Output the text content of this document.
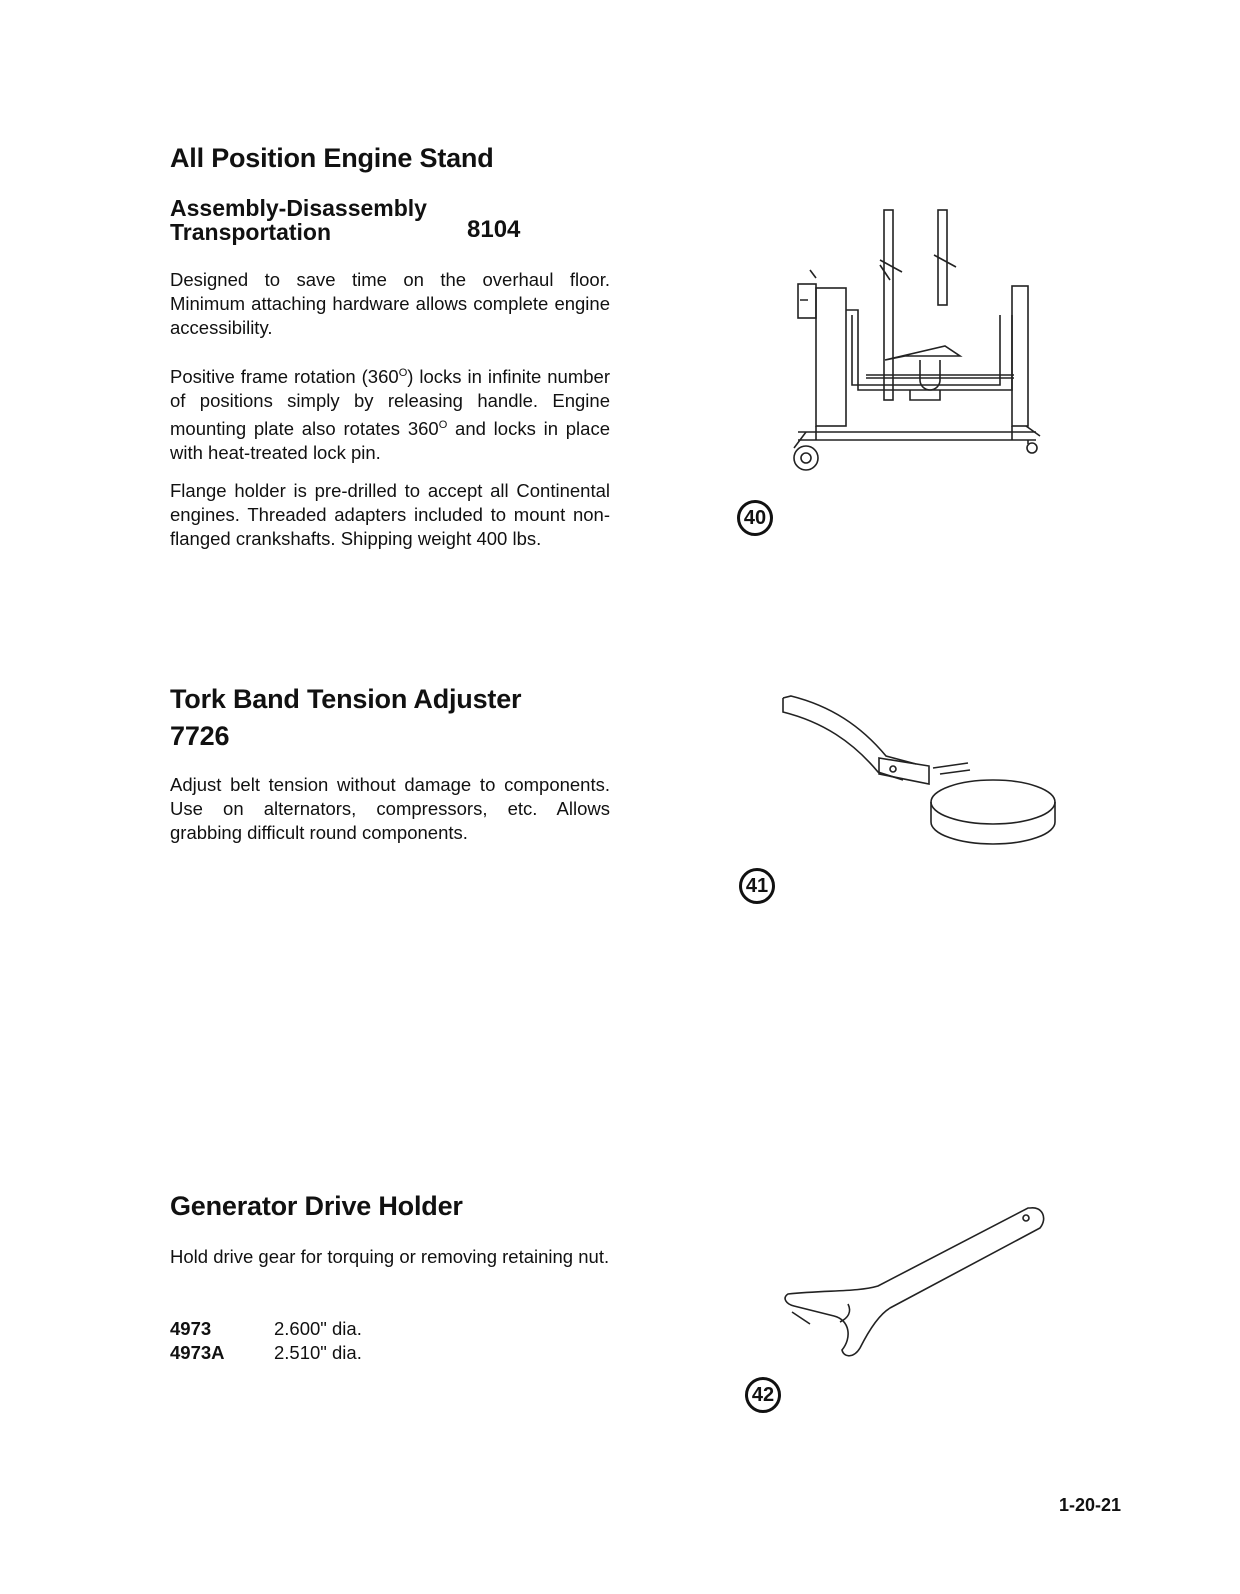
All Position Engine Stand
Assembly-Disassembly
Transportation	8104
Designed to save time on the overhaul floor. Minimum attaching hardware allows complete engine accessibility.
Positive frame rotation $(360^O)$ locks in infinite number of positions simply by releasing handle. Engine mounting plate also rotates $360^O$ and locks in place with heat-treated lock pin.
Flange holder is pre-drilled to accept all Continental engines. Threaded adapters included to mount non-flanged crankshafts. Shipping weight 400 lbs.
40
Tork Band Tension Adjuster
7726
Adjust belt tension without damage to components. Use on alternators, compressors, etc. Allows grabbing difficult round components.
41
Generator Drive Holder
Hold drive gear for torquing or removing retaining nut.
4973	2.600" dia.
4973A	2.510" dia.
42
1-20-21
